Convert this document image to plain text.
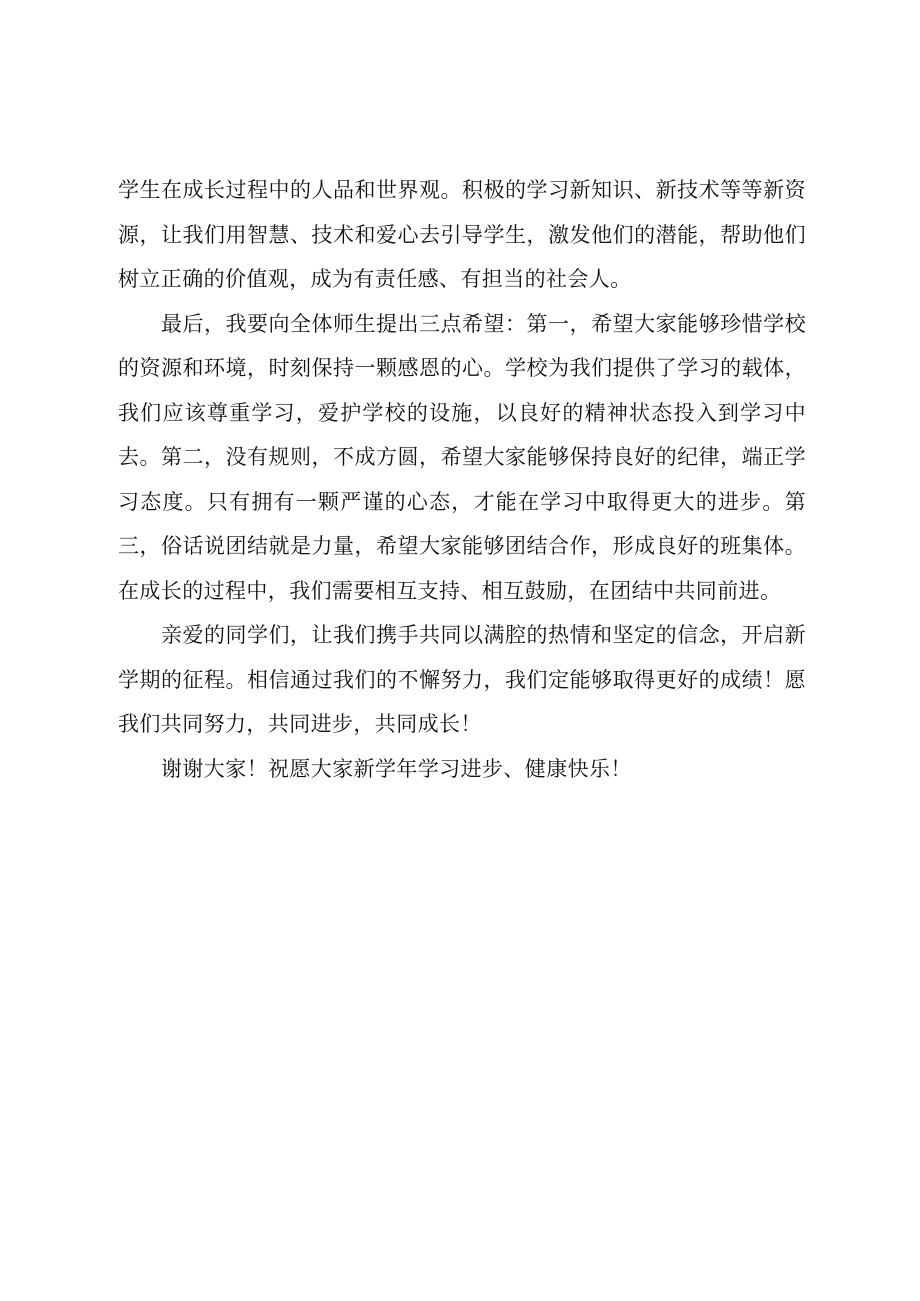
学生在成长过程中的人品和世界观。积极的学习新知识、新技术等等新资源，让我们用智慧、技术和爱心去引导学生，激发他们的潜能，帮助他们树立正确的价值观，成为有责任感、有担当的社会人。

最后，我要向全体师生提出三点希望：第一，希望大家能够珍惜学校的资源和环境，时刻保持一颗感恩的心。学校为我们提供了学习的载体，我们应该尊重学习，爱护学校的设施，以良好的精神状态投入到学习中去。第二，没有规则，不成方圆，希望大家能够保持良好的纪律，端正学习态度。只有拥有一颗严谨的心态，才能在学习中取得更大的进步。第三，俗话说团结就是力量，希望大家能够团结合作，形成良好的班集体。在成长的过程中，我们需要相互支持、相互鼓励，在团结中共同前进。

亲爱的同学们，让我们携手共同以满腔的热情和坚定的信念，开启新学期的征程。相信通过我们的不懈努力，我们定能够取得更好的成绩！愿我们共同努力，共同进步，共同成长！

谢谢大家！祝愿大家新学年学习进步、健康快乐！
